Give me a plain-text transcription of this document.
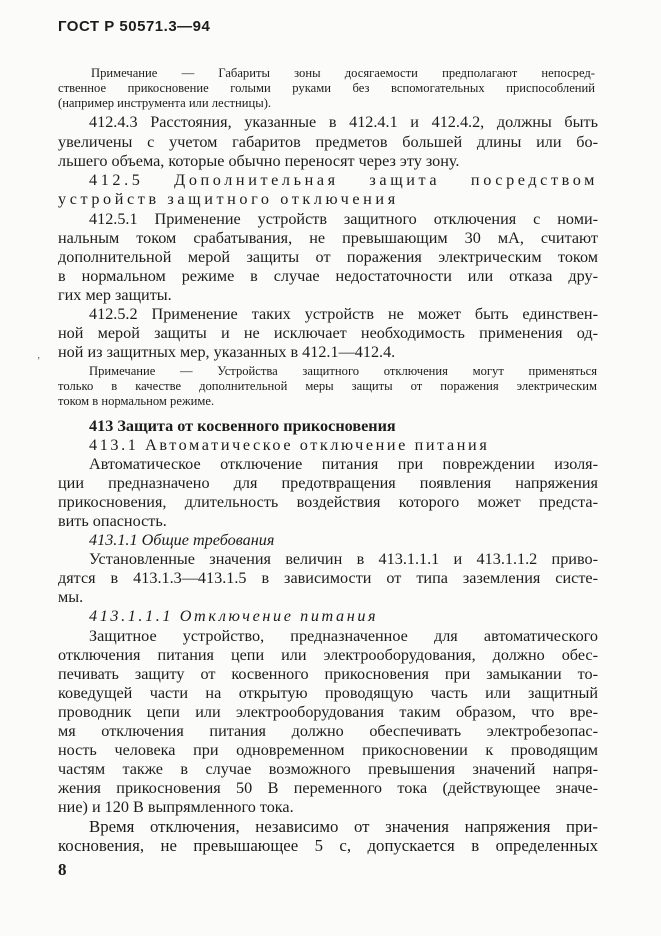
ГОСТ Р 50571.3—94
Примечание — Габариты зоны досягаемости предполагают непосред-
ственное прикосновение голыми руками без вспомогательных приспособлений
(например инструмента или лестницы).
412.4.3 Расстояния, указанные в 412.4.1 и 412.4.2, должны быть
увеличены с учетом габаритов предметов большей длины или бо-
льшего объема, которые обычно переносят через эту зону.
412.5 Дополнительная защита посредством
устройств защитного отключения
412.5.1 Применение устройств защитного отключения с номи-
нальным током срабатывания, не превышающим 30 мА, считают
дополнительной мерой защиты от поражения электрическим током
в нормальном режиме в случае недостаточности или отказа дру-
гих мер защиты.
412.5.2 Применение таких устройств не может быть единствен-
ной мерой защиты и не исключает необходимость применения од-
ной из защитных мер, указанных в 412.1—412.4.
’
Примечание — Устройства защитного отключения могут применяться
только в качестве дополнительной меры защиты от поражения электрическим
током в нормальном режиме.
413 Защита от косвенного прикосновения
413.1 Автоматическое отключение питания
Автоматическое отключение питания при повреждении изоля-
ции предназначено для предотвращения появления напряжения
прикосновения, длительность воздействия которого может предста-
вить опасность.
413.1.1 Общие требования
Установленные значения величин в 413.1.1.1 и 413.1.1.2 приво-
дятся в 413.1.3—413.1.5 в зависимости от типа заземления систе-
мы.
413.1.1.1 Отключение питания
Защитное устройство, предназначенное для автоматического
отключения питания цепи или электрооборудования, должно обес-
печивать защиту от косвенного прикосновения при замыкании то-
коведущей части на открытую проводящую часть или защитный
проводник цепи или электрооборудования таким образом, что вре-
мя отключения питания должно обеспечивать электробезопас-
ность человека при одновременном прикосновении к проводящим
частям также в случае возможного превышения значений напря-
жения прикосновения 50 В переменного тока (действующее значе-
ние) и 120 В выпрямленного тока.
Время отключения, независимо от значения напряжения при-
косновения, не превышающее 5 с, допускается в определенных
8
